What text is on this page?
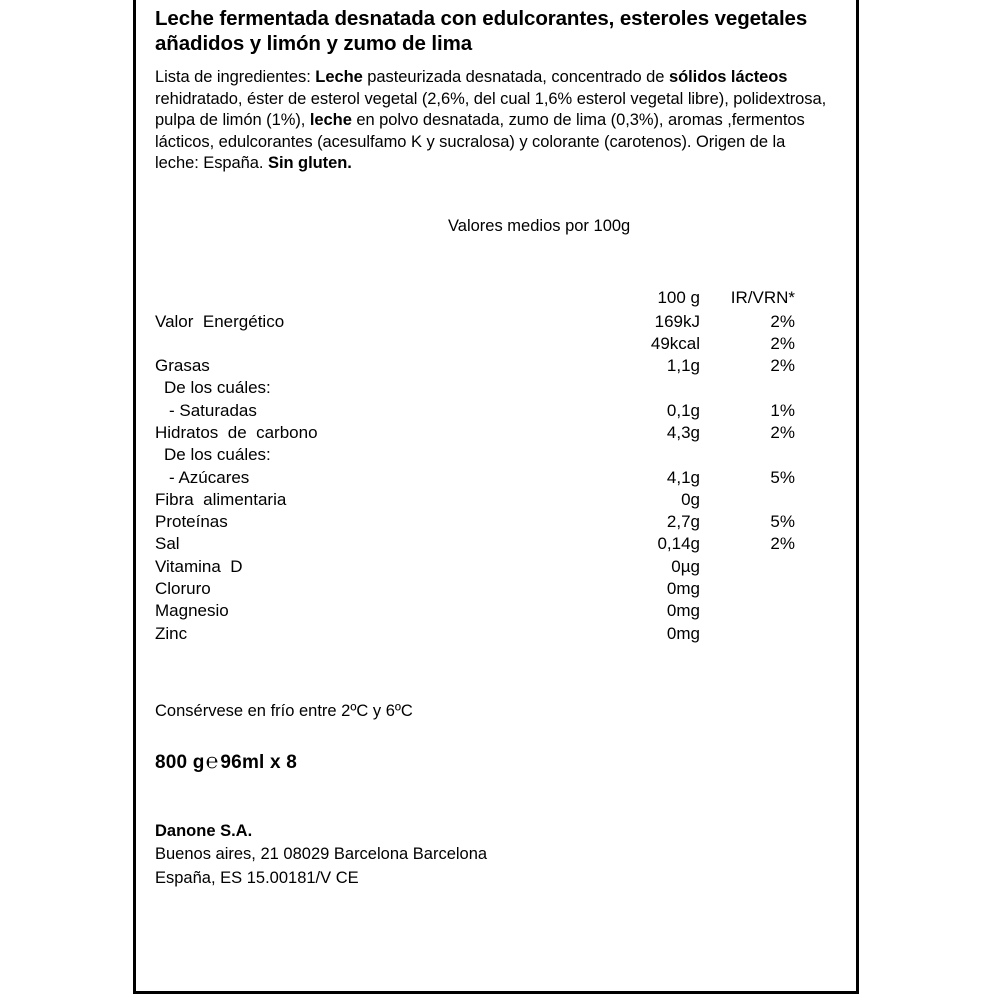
Leche fermentada desnatada con edulcorantes, esteroles vegetales añadidos y limón y zumo de lima
Lista de ingredientes: Leche pasteurizada desnatada, concentrado de sólidos lácteos rehidratado, éster de esterol vegetal (2,6%, del cual 1,6% esterol vegetal libre), polidextrosa, pulpa de limón (1%), leche en polvo desnatada, zumo de lima (0,3%), aromas ,fermentos lácticos, edulcorantes (acesulfamo K y sucralosa) y colorante (carotenos). Origen de la leche: España. Sin gluten.
Valores medios por 100g
	100 g	IR/VRN*
Valor  Energético	169kJ	2%
	49kcal	2%
Grasas	1,1g	2%
De los cuáles:		
- Saturadas	0,1g	1%
Hidratos  de  carbono	4,3g	2%
De los cuáles:		
- Azúcares	4,1g	5%
Fibra  alimentaria	0g	
Proteínas	2,7g	5%
Sal	0,14g	2%
Vitamina  D	0µg	
Cloruro	0mg	
Magnesio	0mg	
Zinc	0mg	
Consérvese en frío entre 2ºC y 6ºC
800 g℮ 96ml x 8
Danone S.A.
Buenos aires, 21 08029 Barcelona Barcelona
España, ES 15.00181/V CE
